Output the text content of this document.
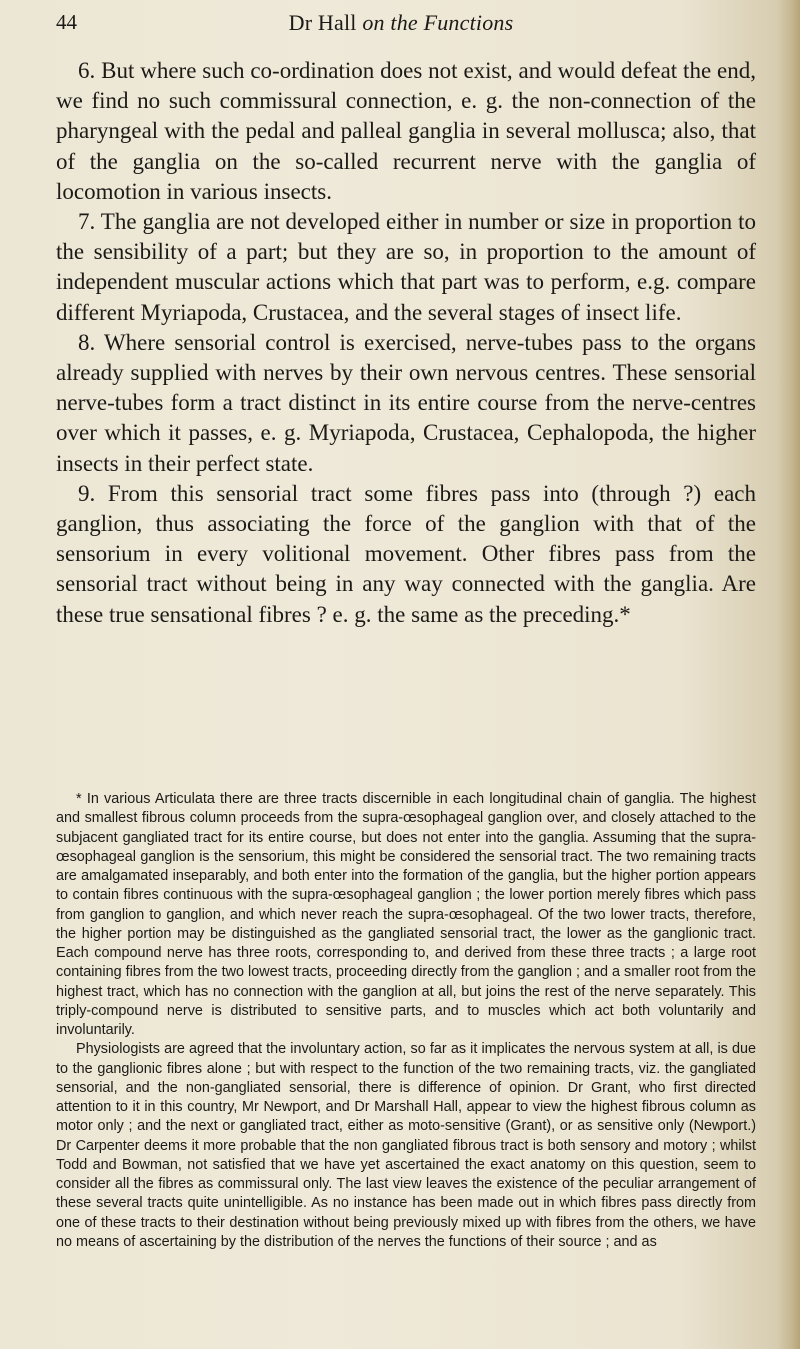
44	Dr Hall on the Functions

6. But where such co-ordination does not exist, and would defeat the end, we find no such commissural connection, e. g. the non-connection of the pharyngeal with the pedal and palleal ganglia in several mollusca; also, that of the ganglia on the so-called recurrent nerve with the ganglia of locomotion in various insects.

7. The ganglia are not developed either in number or size in proportion to the sensibility of a part; but they are so, in proportion to the amount of independent muscular actions which that part was to perform, e.g. compare different Myriapoda, Crustacea, and the several stages of insect life.

8. Where sensorial control is exercised, nerve-tubes pass to the organs already supplied with nerves by their own nervous centres. These sensorial nerve-tubes form a tract distinct in its entire course from the nerve-centres over which it passes, e. g. Myriapoda, Crustacea, Cephalopoda, the higher insects in their perfect state.

9. From this sensorial tract some fibres pass into (through ?) each ganglion, thus associating the force of the ganglion with that of the sensorium in every volitional movement. Other fibres pass from the sensorial tract without being in any way connected with the ganglia. Are these true sensational fibres ? e. g. the same as the preceding.*

* In various Articulata there are three tracts discernible in each longitudinal chain of ganglia. The highest and smallest fibrous column proceeds from the supra-œsophageal ganglion over, and closely attached to the subjacent gangliated tract for its entire course, but does not enter into the ganglia. Assuming that the supra-œsophageal ganglion is the sensorium, this might be considered the sensorial tract. The two remaining tracts are amalgamated inseparably, and both enter into the formation of the ganglia, but the higher portion appears to contain fibres continuous with the supra-œsophageal ganglion ; the lower portion merely fibres which pass from ganglion to ganglion, and which never reach the supra-œsophageal. Of the two lower tracts, therefore, the higher portion may be distinguished as the gangliated sensorial tract, the lower as the ganglionic tract. Each compound nerve has three roots, corresponding to, and derived from these three tracts ; a large root containing fibres from the two lowest tracts, proceeding directly from the ganglion ; and a smaller root from the highest tract, which has no connection with the ganglion at all, but joins the rest of the nerve separately. This triply-compound nerve is distributed to sensitive parts, and to muscles which act both voluntarily and involuntarily.

Physiologists are agreed that the involuntary action, so far as it implicates the nervous system at all, is due to the ganglionic fibres alone ; but with respect to the function of the two remaining tracts, viz. the gangliated sensorial, and the non-gangliated sensorial, there is difference of opinion. Dr Grant, who first directed attention to it in this country, Mr Newport, and Dr Marshall Hall, appear to view the highest fibrous column as motor only ; and the next or gangliated tract, either as moto-sensitive (Grant), or as sensitive only (Newport.) Dr Carpenter deems it more probable that the non gangliated fibrous tract is both sensory and motory ; whilst Todd and Bowman, not satisfied that we have yet ascertained the exact anatomy on this question, seem to consider all the fibres as commissural only. The last view leaves the existence of the peculiar arrangement of these several tracts quite unintelligible. As no instance has been made out in which fibres pass directly from one of these tracts to their destination without being previously mixed up with fibres from the others, we have no means of ascertaining by the distribution of the nerves the functions of their source ; and as
